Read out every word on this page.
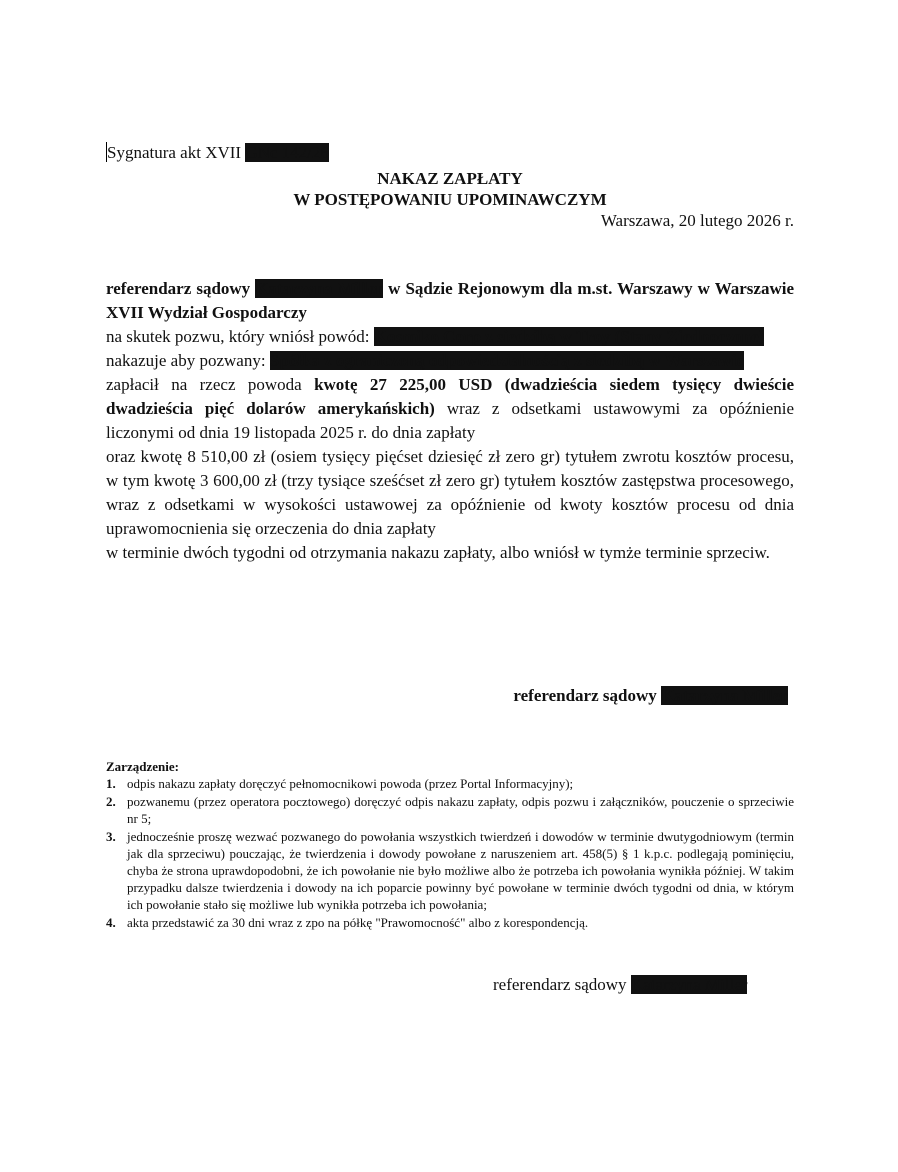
Sygnatura akt XVII GNc 142/26
NAKAZ ZAPŁATY
W POSTĘPOWANIU UPOMINAWCZYM
Warszawa, 20 lutego 2026 r.
referendarz sądowy Katarzyna Miller w Sądzie Rejonowym dla m.st. Warszawy w Warszawie XVII Wydział Gospodarczy
na skutek pozwu, który wniósł powód: Kosmiko Corp z siedzibą w Troy (Stany Zjednoczone)
nakazuje aby pozwany: Spółka z ograniczoną odpowiedzialnością z siedzibą w Warszawie
zapłacił na rzecz powoda kwotę 27 225,00 USD (dwadzieścia siedem tysięcy dwieście dwadzieścia pięć dolarów amerykańskich) wraz z odsetkami ustawowymi za opóźnienie liczonymi od dnia 19 listopada 2025 r. do dnia zapłaty
oraz kwotę 8 510,00 zł (osiem tysięcy pięćset dziesięć zł zero gr) tytułem zwrotu kosztów procesu, w tym kwotę 3 600,00 zł (trzy tysiące sześćset zł zero gr) tytułem kosztów zastępstwa procesowego, wraz z odsetkami w wysokości ustawowej za opóźnienie od kwoty kosztów procesu od dnia uprawomocnienia się orzeczenia do dnia zapłaty
w terminie dwóch tygodni od otrzymania nakazu zapłaty, albo wniósł w tymże terminie sprzeciw.
referendarz sądowy Katarzyna Miller
Zarządzenie:
1. odpis nakazu zapłaty doręczyć pełnomocnikowi powoda (przez Portal Informacyjny);
2. pozwanemu (przez operatora pocztowego) doręczyć odpis nakazu zapłaty, odpis pozwu i załączników, pouczenie o sprzeciwie nr 5;
3. jednocześnie proszę wezwać pozwanego do powołania wszystkich twierdzeń i dowodów w terminie dwutygodniowym (termin jak dla sprzeciwu) pouczając, że twierdzenia i dowody powołane z naruszeniem art. 458(5) § 1 k.p.c. podlegają pominięciu, chyba że strona uprawdopodobni, że ich powołanie nie było możliwe albo że potrzeba ich powołania wynikła później. W takim przypadku dalsze twierdzenia i dowody na ich poparcie powinny być powołane w terminie dwóch tygodni od dnia, w którym ich powołanie stało się możliwe lub wynikła potrzeba ich powołania;
4. akta przedstawić za 30 dni wraz z zpo na półkę "Prawomocność" albo z korespondencją.
referendarz sądowy Katarzyna Miller
